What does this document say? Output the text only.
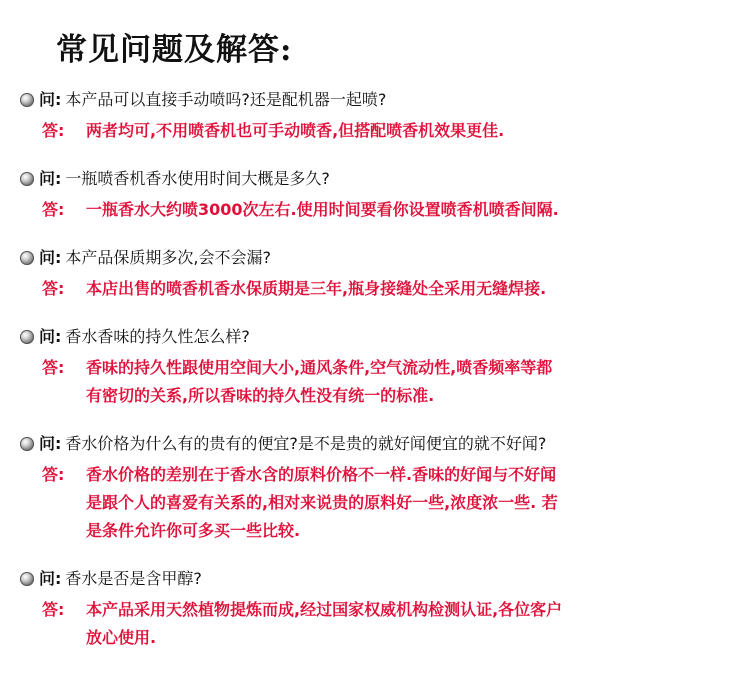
常见问题及解答:
问: 本产品可以直接手动喷吗?还是配机器一起喷?
答:	两者均可,不用喷香机也可手动喷香,但搭配喷香机效果更佳.
问: 一瓶喷香机香水使用时间大概是多久?
答:	一瓶香水大约喷3000次左右.使用时间要看你设置喷香机喷香间隔.
问: 本产品保质期多次,会不会漏?
答:	本店出售的喷香机香水保质期是三年,瓶身接缝处全采用无缝焊接.
问: 香水香味的持久性怎么样?
答:	香味的持久性跟使用空间大小,通风条件,空气流动性,喷香频率等都
有密切的关系,所以香味的持久性没有统一的标准.
问: 香水价格为什么有的贵有的便宜?是不是贵的就好闻便宜的就不好闻?
答:	香水价格的差别在于香水含的原料价格不一样.香味的好闻与不好闻
是跟个人的喜爱有关系的,相对来说贵的原料好一些,浓度浓一些. 若
是条件允许你可多买一些比较.
问: 香水是否是含甲醇?
答:	本产品采用天然植物提炼而成,经过国家权威机构检测认证,各位客户
放心使用.
